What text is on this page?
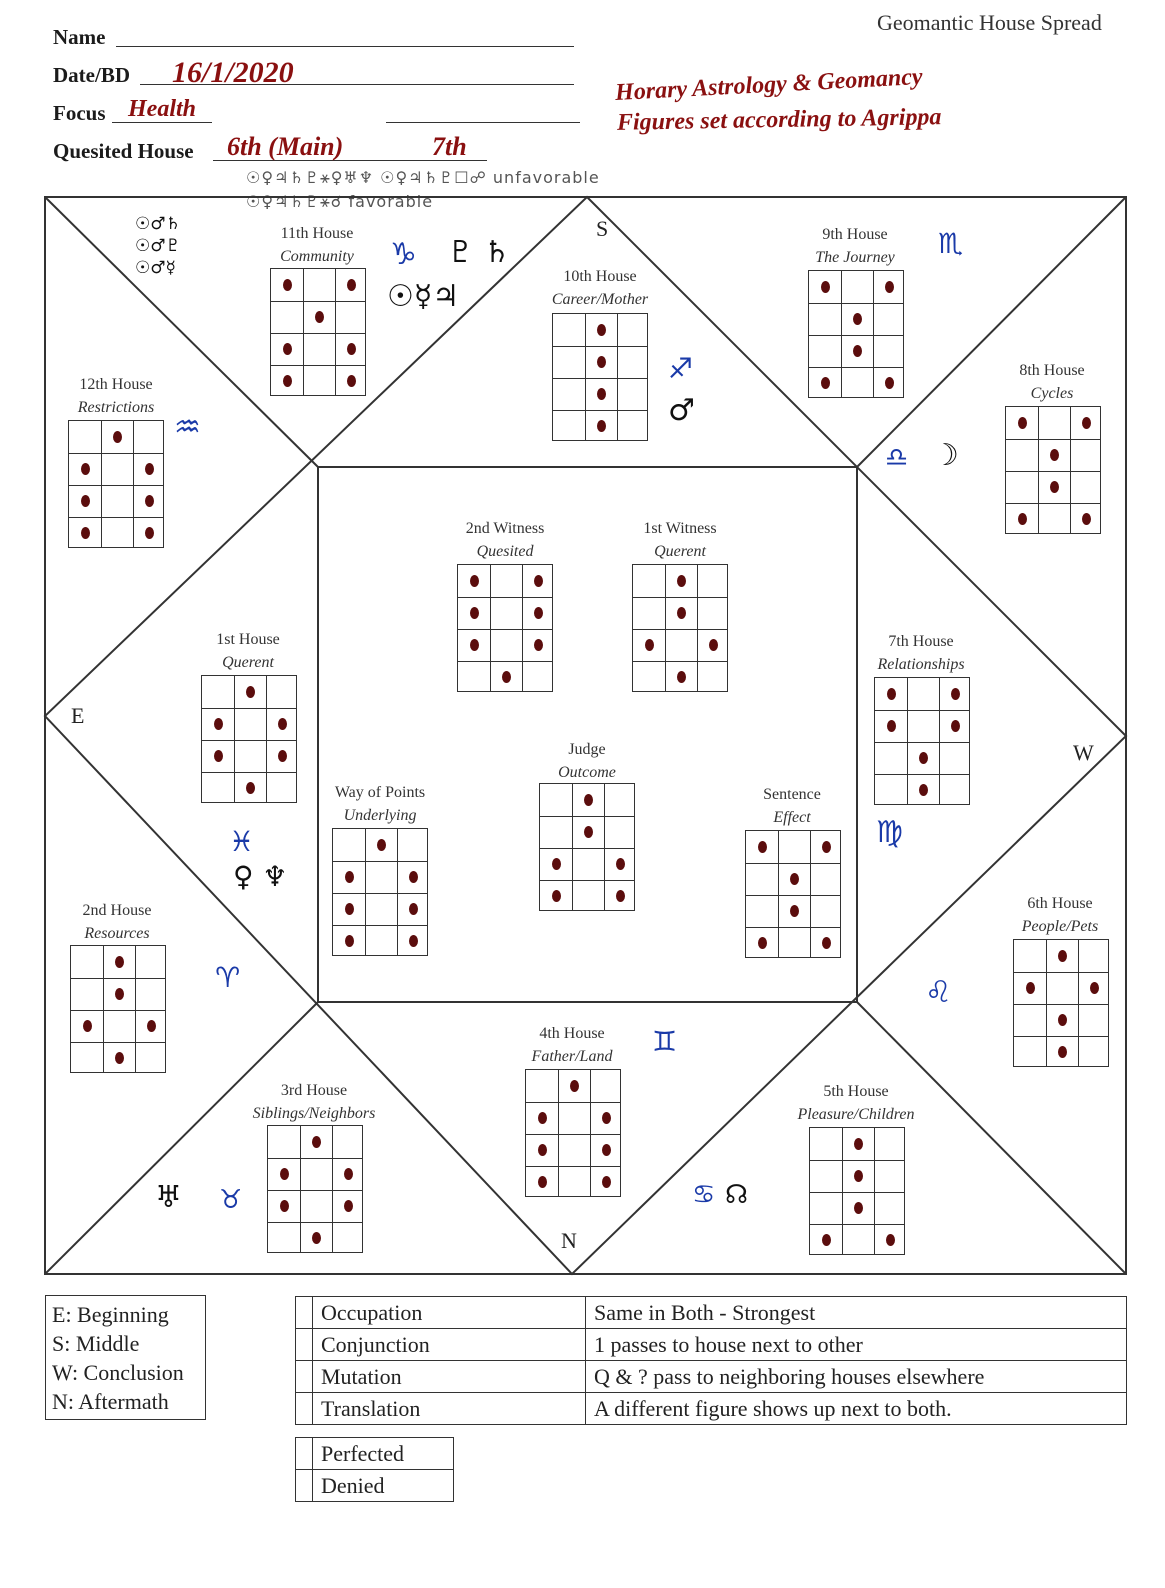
Geomantic House Spread
Name
Date/BD 16/1/2020
Focus Health
Quesited House 6th (Main)	7th
Horary Astrology & Geomancy
Figures set according to Agrippa
☉♀♃♄♇⚹♀♅♆ ☉♀♃♄♇☐☍ unfavorable
☉♀♃♄♇⚹☌ favorable
S
E
W
N
11th House
Community
10th House
Career/Mother
9th House
The Journey
12th House
Restrictions
8th House
Cycles
2nd Witness
Quesited
1st Witness
Querent
1st House
Querent
7th House
Relationships
Judge
Outcome
Way of Points
Underlying
Sentence
Effect
2nd House
Resources
6th House
People/Pets
4th House
Father/Land
3rd House
Siblings/Neighbors
5th House
Pleasure/Children
♑	♏
♐
♒
♎
♍
♓
♌
♈
♊
♉	♋
☉♂♄
☉♂♇
☉♂☿	♇ ♄
☉☿♃
♂
☽
♀ ♆
♅	☊
E: Beginning
S: Middle
W: Conclusion
N: Aftermath
	Occupation	Same in Both - Strongest
	Conjunction	1 passes to house next to other
	Mutation	Q & ? pass to neighboring houses elsewhere
	Translation	A different figure shows up next to both.
	Perfected
	Denied
